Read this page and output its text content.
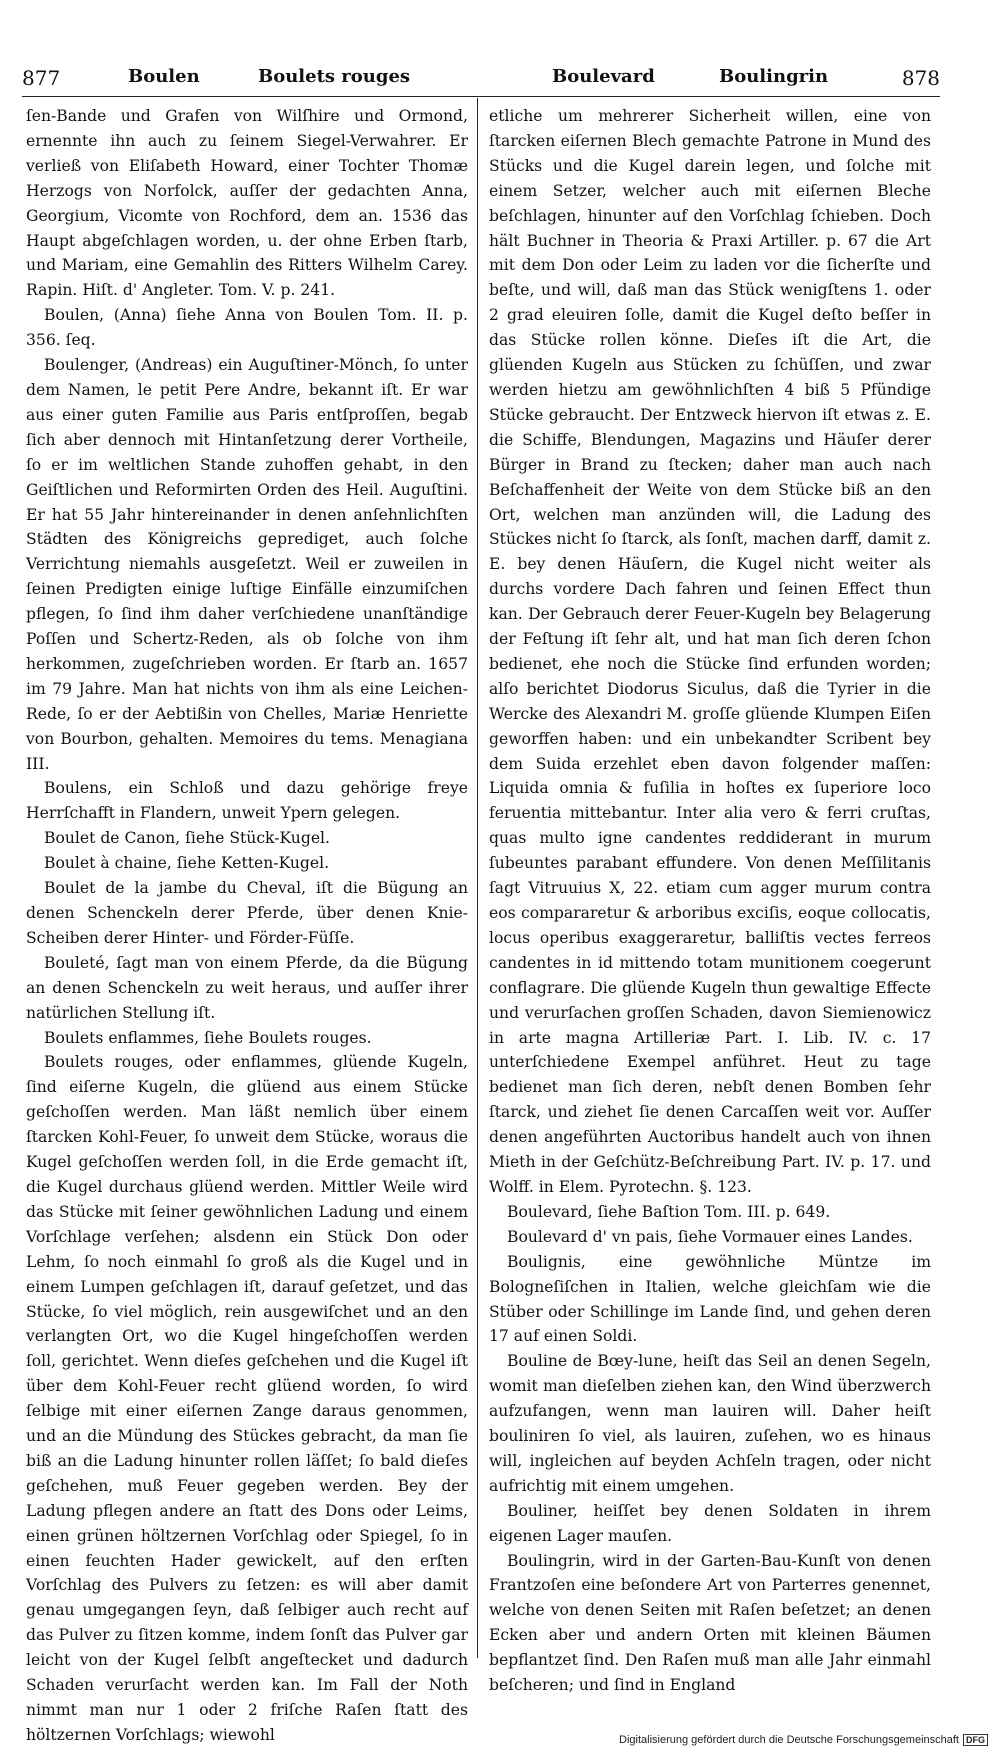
877	Boulen	Boulets rouges	Boulevard	Boulingrin	878

ſen-Bande und Grafen von Wilſhire und Ormond, ernennte ihn auch zu ſeinem Siegel-Verwahrer. Er verließ von Eliſabeth Howard, einer Tochter Thomæ Herzogs von Norfolck, auſſer der gedachten Anna, Georgium, Vicomte von Rochford, dem an. 1536 das Haupt abgeſchlagen worden, u. der ohne Erben ſtarb, und Mariam, eine Gemahlin des Ritters Wilhelm Carey. Rapin. Hiſt. d' Angleter. Tom. V. p. 241.

Boulen, (Anna) ſiehe Anna von Boulen Tom. II. p. 356. ſeq.

Boulenger, (Andreas) ein Auguſtiner-Mönch, ſo unter dem Namen, le petit Pere Andre, bekannt iſt. Er war aus einer guten Familie aus Paris entſproſſen, begab ſich aber dennoch mit Hintanſetzung derer Vortheile, ſo er im weltlichen Stande zuhoffen gehabt, in den Geiſtlichen und Reformirten Orden des Heil. Auguſtini. Er hat 55 Jahr hintereinander in denen anſehnlichſten Städten des Königreichs geprediget, auch ſolche Verrichtung niemahls ausgeſetzt. Weil er zuweilen in ſeinen Predigten einige luſtige Einfälle einzumiſchen pflegen, ſo ſind ihm daher verſchiedene unanſtändige Poſſen und Schertz-Reden, als ob ſolche von ihm herkommen, zugeſchrieben worden. Er ſtarb an. 1657 im 79 Jahre. Man hat nichts von ihm als eine Leichen-Rede, ſo er der Aebtißin von Chelles, Mariæ Henriette von Bourbon, gehalten. Memoires du tems. Menagiana III.

Boulens, ein Schloß und dazu gehörige freye Herrſchafft in Flandern, unweit Ypern gelegen.

Boulet de Canon, ſiehe Stück-Kugel.

Boulet à chaine, ſiehe Ketten-Kugel.

Boulet de la jambe du Cheval, iſt die Bügung an denen Schenckeln derer Pferde, über denen Knie-Scheiben derer Hinter- und Förder-Füſſe.

Bouleté, ſagt man von einem Pferde, da die Bügung an denen Schenckeln zu weit heraus, und auſſer ihrer natürlichen Stellung iſt.

Boulets enflammes, ſiehe Boulets rouges.

Boulets rouges, oder enflammes, glüende Kugeln, ſind eiſerne Kugeln, die glüend aus einem Stücke geſchoſſen werden. Man läßt nemlich über einem ſtarcken Kohl-Feuer, ſo unweit dem Stücke, woraus die Kugel geſchoſſen werden ſoll, in die Erde gemacht iſt, die Kugel durchaus glüend werden. Mittler Weile wird das Stücke mit ſeiner gewöhnlichen Ladung und einem Vorſchlage verſehen; alsdenn ein Stück Don oder Lehm, ſo noch einmahl ſo groß als die Kugel und in einem Lumpen geſchlagen iſt, darauf geſetzet, und das Stücke, ſo viel möglich, rein ausgewiſchet und an den verlangten Ort, wo die Kugel hingeſchoſſen werden ſoll, gerichtet. Wenn dieſes geſchehen und die Kugel iſt über dem Kohl-Feuer recht glüend worden, ſo wird ſelbige mit einer eiſernen Zange daraus genommen, und an die Mündung des Stückes gebracht, da man ſie biß an die Ladung hinunter rollen läſſet; ſo bald dieſes geſchehen, muß Feuer gegeben werden. Bey der Ladung pflegen andere an ſtatt des Dons oder Leims, einen grünen höltzernen Vorſchlag oder Spiegel, ſo in einen feuchten Hader gewickelt, auf den erſten Vorſchlag des Pulvers zu ſetzen: es will aber damit genau umgegangen ſeyn, daß ſelbiger auch recht auf das Pulver zu ſitzen komme, indem ſonſt das Pulver gar leicht von der Kugel ſelbſt angeſtecket und dadurch Schaden verurſacht werden kan. Im Fall der Noth nimmt man nur 1 oder 2 friſche Raſen ſtatt des höltzernen Vorſchlags; wiewohl

etliche um mehrerer Sicherheit willen, eine von ſtarcken eiſernen Blech gemachte Patrone in Mund des Stücks und die Kugel darein legen, und ſolche mit einem Setzer, welcher auch mit eiſernen Bleche beſchlagen, hinunter auf den Vorſchlag ſchieben. Doch hält Buchner in Theoria & Praxi Artiller. p. 67 die Art mit dem Don oder Leim zu laden vor die ſicherſte und beſte, und will, daß man das Stück wenigſtens 1. oder 2 grad eleuiren ſolle, damit die Kugel deſto beſſer in das Stücke rollen könne. Dieſes iſt die Art, die glüenden Kugeln aus Stücken zu ſchüſſen, und zwar werden hietzu am gewöhnlichſten 4 biß 5 Pfündige Stücke gebraucht. Der Entzweck hiervon iſt etwas z. E. die Schiffe, Blendungen, Magazins und Häuſer derer Bürger in Brand zu ſtecken; daher man auch nach Beſchaffenheit der Weite von dem Stücke biß an den Ort, welchen man anzünden will, die Ladung des Stückes nicht ſo ſtarck, als ſonſt, machen darff, damit z. E. bey denen Häuſern, die Kugel nicht weiter als durchs vordere Dach fahren und ſeinen Effect thun kan. Der Gebrauch derer Feuer-Kugeln bey Belagerung der Feſtung iſt ſehr alt, und hat man ſich deren ſchon bedienet, ehe noch die Stücke ſind erfunden worden; alſo berichtet Diodorus Siculus, daß die Tyrier in die Wercke des Alexandri M. groſſe glüende Klumpen Eiſen geworffen haben: und ein unbekandter Scribent bey dem Suida erzehlet eben davon folgender maſſen: Liquida omnia & fuſilia in hoſtes ex ſuperiore loco feruentia mittebantur. Inter alia vero & ferri cruſtas, quas multo igne candentes reddiderant in murum ſubeuntes parabant effundere. Von denen Meſſilitanis ſagt Vitruuius X, 22. etiam cum agger murum contra eos compararetur & arboribus exciſis, eoque collocatis, locus operibus exaggeraretur, balliſtis vectes ferreos candentes in id mittendo totam munitionem coegerunt conflagrare. Die glüende Kugeln thun gewaltige Effecte und verurſachen groſſen Schaden, davon Siemienowicz in arte magna Artilleriæ Part. I. Lib. IV. c. 17 unterſchiedene Exempel anführet. Heut zu tage bedienet man ſich deren, nebſt denen Bomben ſehr ſtarck, und ziehet ſie denen Carcaſſen weit vor. Auſſer denen angeführten Auctoribus handelt auch von ihnen Mieth in der Geſchütz-Beſchreibung Part. IV. p. 17. und Wolff. in Elem. Pyrotechn. §. 123.

Boulevard, ſiehe Baſtion Tom. III. p. 649.

Boulevard d' vn pais, ſiehe Vormauer eines Landes.

Boulignis, eine gewöhnliche Müntze im Bologneſiſchen in Italien, welche gleichſam wie die Stüber oder Schillinge im Lande ſind, und gehen deren 17 auf einen Soldi.

Bouline de Bœy-lune, heiſt das Seil an denen Segeln, womit man dieſelben ziehen kan, den Wind überzwerch aufzufangen, wenn man lauiren will. Daher heiſt bouliniren ſo viel, als lauiren, zuſehen, wo es hinaus will, ingleichen auf beyden Achſeln tragen, oder nicht aufrichtig mit einem umgehen.

Bouliner, heiſſet bey denen Soldaten in ihrem eigenen Lager mauſen.

Boulingrin, wird in der Garten-Bau-Kunſt von denen Frantzoſen eine beſondere Art von Parterres genennet, welche von denen Seiten mit Raſen beſetzet; an denen Ecken aber und andern Orten mit kleinen Bäumen bepflantzet ſind. Den Raſen muß man alle Jahr einmahl beſcheren; und ſind in England

Digitalisierung gefördert durch die Deutsche Forschungsgemeinschaft DFG
